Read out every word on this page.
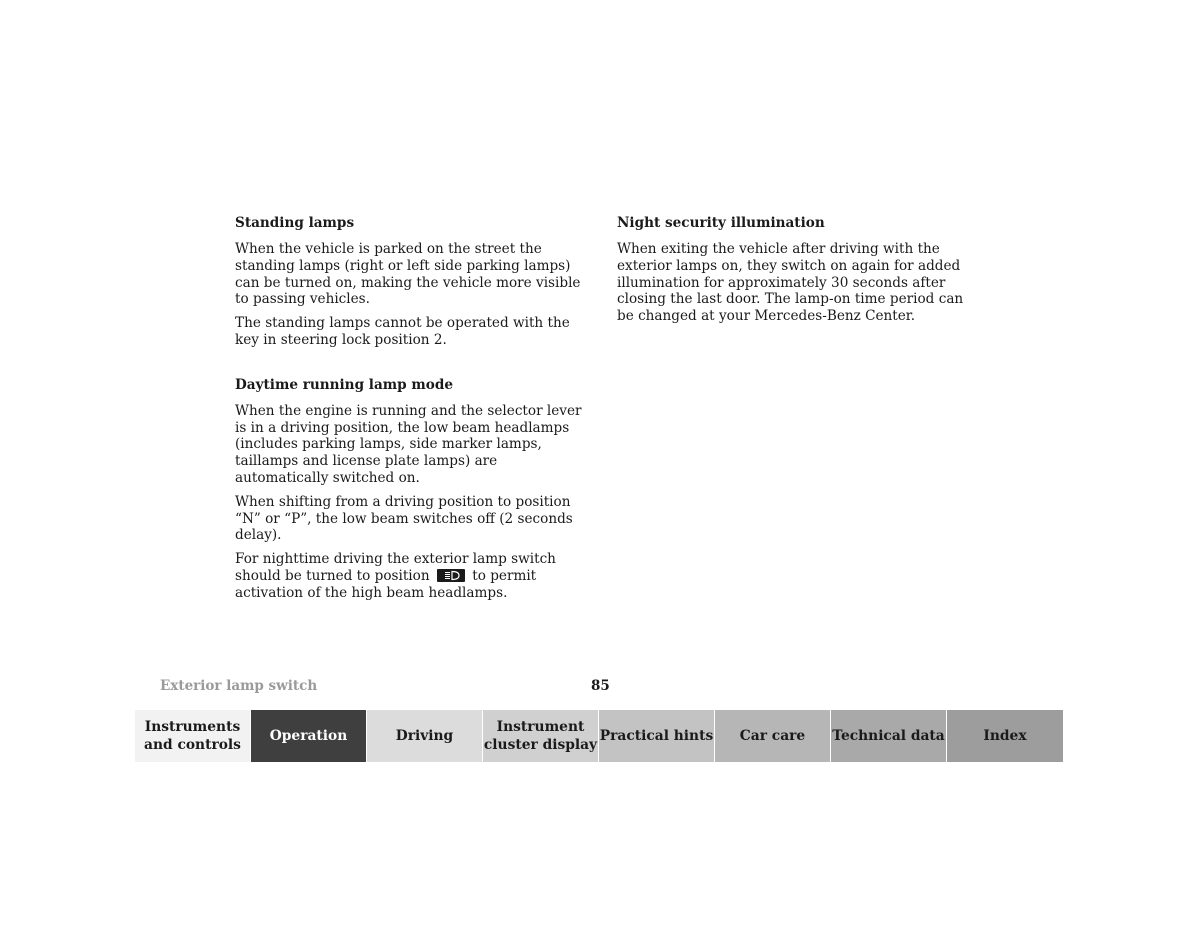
Standing lamps

When the vehicle is parked on the street the standing lamps (right or left side parking lamps) can be turned on, making the vehicle more visible to passing vehicles.

The standing lamps cannot be operated with the key in steering lock position 2.

Daytime running lamp mode

When the engine is running and the selector lever is in a driving position, the low beam headlamps (includes parking lamps, side marker lamps, taillamps and license plate lamps) are automatically switched on.

When shifting from a driving position to position “N” or “P”, the low beam switches off (2 seconds delay).

For nighttime driving the exterior lamp switch should be turned to position	to permit activation of the high beam headlamps.

Night security illumination

When exiting the vehicle after driving with the exterior lamps on, they switch on again for added illumination for approximately 30 seconds after closing the last door. The lamp-on time period can be changed at your Mercedes-Benz Center.

Exterior lamp switch	85
Instruments and controls
Operation	Driving
Instrument cluster display
Practical hints Car care Technical data	Index
